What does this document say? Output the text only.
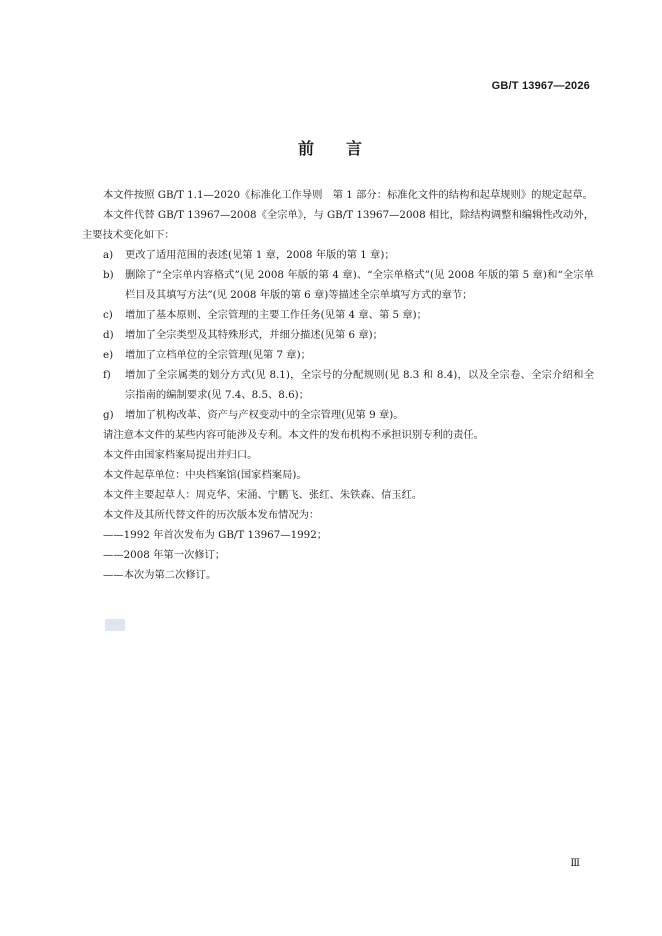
GB/T 13967—2026
前 言

本文件按照 GB/T 1.1—2020《标准化工作导则　第 1 部分：标准化文件的结构和起草规则》的规定起草。

本文件代替 GB/T 13967—2008《全宗单》，与 GB/T 13967—2008 相比，除结构调整和编辑性改动外，主要技术变化如下：

a)	更改了适用范围的表述(见第 1 章，2008 年版的第 1 章)；
b)	删除了“全宗单内容格式”(见 2008 年版的第 4 章)、“全宗单格式”(见 2008 年版的第 5 章)和“全宗单栏目及其填写方法”(见 2008 年版的第 6 章)等描述全宗单填写方式的章节；
c)	增加了基本原则、全宗管理的主要工作任务(见第 4 章、第 5 章)；
d)	增加了全宗类型及其特殊形式，并细分描述(见第 6 章)；
e)	增加了立档单位的全宗管理(见第 7 章)；
f)	增加了全宗属类的划分方式(见 8.1)，全宗号的分配规则(见 8.3 和 8.4)，以及全宗卷、全宗介绍和全宗指南的编制要求(见 7.4、8.5、8.6)；
g)	增加了机构改革、资产与产权变动中的全宗管理(见第 9 章)。

请注意本文件的某些内容可能涉及专利。本文件的发布机构不承担识别专利的责任。

本文件由国家档案局提出并归口。

本文件起草单位：中央档案馆(国家档案局)。

本文件主要起草人：周克华、宋涌、宁鹏飞、张红、朱铁森、信玉红。

本文件及其所代替文件的历次版本发布情况为：

——1992 年首次发布为 GB/T 13967—1992；

——2008 年第一次修订；

——本次为第二次修订。

Ⅲ
